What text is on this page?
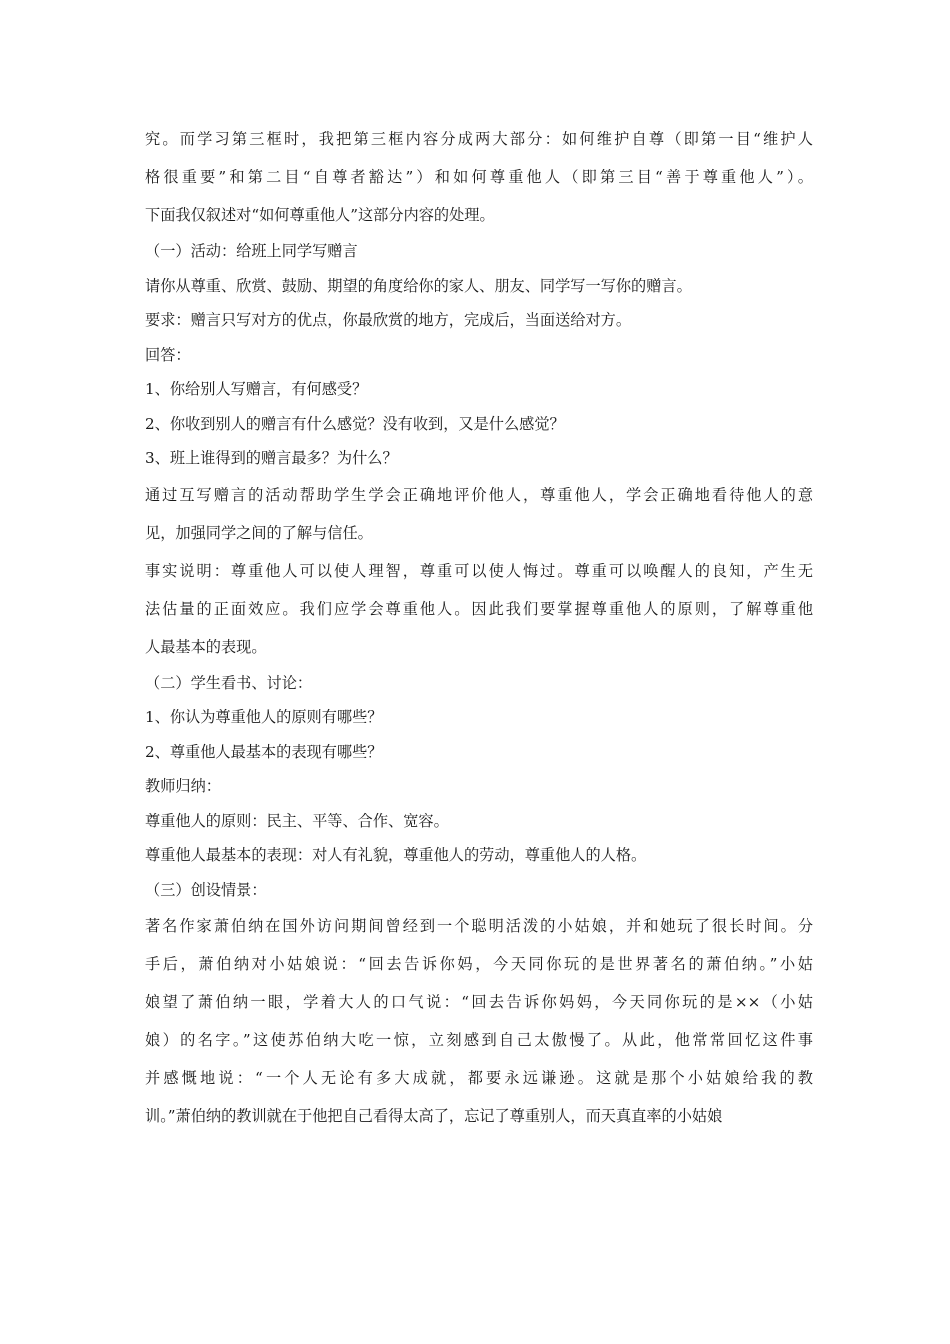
究。而学习第三框时，我把第三框内容分成两大部分：如何维护自尊（即第一目“维护人
格很重要”和第二目“自尊者豁达”）和如何尊重他人（即第三目“善于尊重他人”）。
下面我仅叙述对“如何尊重他人”这部分内容的处理。

（一）活动：给班上同学写赠言

请你从尊重、欣赏、鼓励、期望的角度给你的家人、朋友、同学写一写你的赠言。

要求：赠言只写对方的优点，你最欣赏的地方，完成后，当面送给对方。

回答：

1、你给别人写赠言，有何感受？

2、你收到别人的赠言有什么感觉？没有收到，又是什么感觉？

3、班上谁得到的赠言最多？为什么？

通过互写赠言的活动帮助学生学会正确地评价他人，尊重他人，学会正确地看待他人的意
见，加强同学之间的了解与信任。

事实说明：尊重他人可以使人理智，尊重可以使人悔过。尊重可以唤醒人的良知，产生无
法估量的正面效应。我们应学会尊重他人。因此我们要掌握尊重他人的原则，了解尊重他
人最基本的表现。

（二）学生看书、讨论：

1、你认为尊重他人的原则有哪些？

2、尊重他人最基本的表现有哪些？

教师归纳：

尊重他人的原则：民主、平等、合作、宽容。

尊重他人最基本的表现：对人有礼貌，尊重他人的劳动，尊重他人的人格。

（三）创设情景：

著名作家萧伯纳在国外访问期间曾经到一个聪明活泼的小姑娘，并和她玩了很长时间。分
手后，萧伯纳对小姑娘说：“回去告诉你妈，今天同你玩的是世界著名的萧伯纳。”小姑
娘望了萧伯纳一眼，学着大人的口气说：“回去告诉你妈妈，今天同你玩的是××（小姑
娘）的名字。”这使苏伯纳大吃一惊，立刻感到自己太傲慢了。从此，他常常回忆这件事
并感慨地说：“一个人无论有多大成就，都要永远谦逊。这就是那个小姑娘给我的教
训。”萧伯纳的教训就在于他把自己看得太高了，忘记了尊重别人，而天真直率的小姑娘
